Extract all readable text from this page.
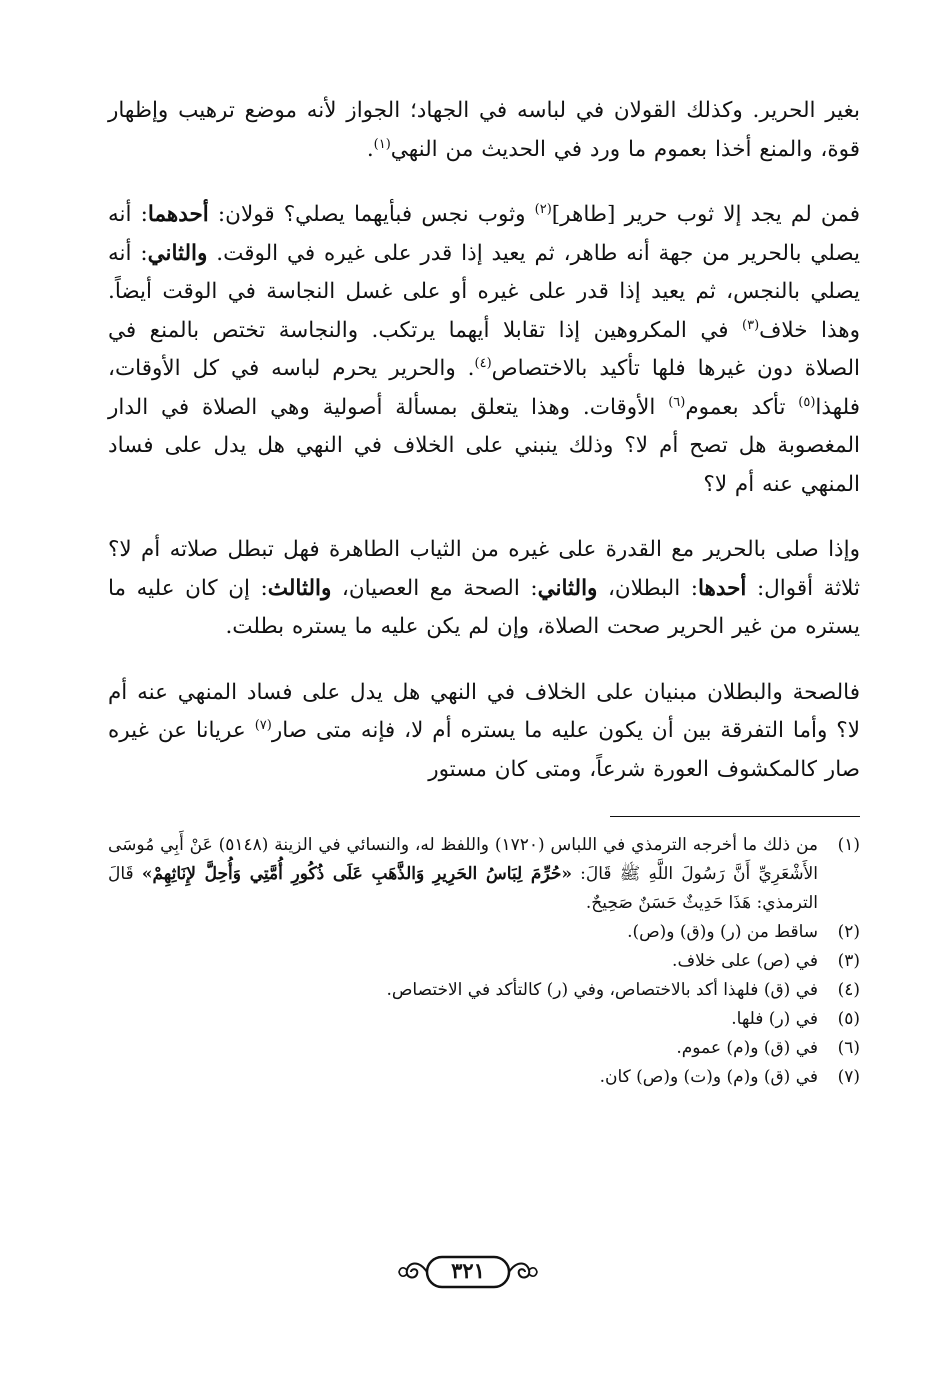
بغير الحرير. وكذلك القولان في لباسه في الجهاد؛ الجواز لأنه موضع ترهيب وإظهار قوة، والمنع أخذا بعموم ما ورد في الحديث من النهي$^{(١)}$.

فمن لم يجد إلا ثوب حرير [طاهر]$^{(٢)}$ وثوب نجس فبأيهما يصلي؟ قولان: أحدهما: أنه يصلي بالحرير من جهة أنه طاهر، ثم يعيد إذا قدر على غيره في الوقت. والثاني: أنه يصلي بالنجس، ثم يعيد إذا قدر على غيره أو على غسل النجاسة في الوقت أيضاً. وهذا خلاف$^{(٣)}$ في المكروهين إذا تقابلا أيهما يرتكب. والنجاسة تختص بالمنع في الصلاة دون غيرها فلها تأكيد بالاختصاص$^{(٤)}$. والحرير يحرم لباسه في كل الأوقات، فلهذا$^{(٥)}$ تأكد بعموم$^{(٦)}$ الأوقات. وهذا يتعلق بمسألة أصولية وهي الصلاة في الدار المغصوبة هل تصح أم لا؟ وذلك ينبني على الخلاف في النهي هل يدل على فساد المنهي عنه أم لا؟

وإذا صلى بالحرير مع القدرة على غيره من الثياب الطاهرة فهل تبطل صلاته أم لا؟ ثلاثة أقوال: أحدها: البطلان، والثاني: الصحة مع العصيان، والثالث: إن كان عليه ما يستره من غير الحرير صحت الصلاة، وإن لم يكن عليه ما يستره بطلت.

فالصحة والبطلان مبنيان على الخلاف في النهي هل يدل على فساد المنهي عنه أم لا؟ وأما التفرقة بين أن يكون عليه ما يستره أم لا، فإنه متى صار$^{(٧)}$ عريانا عن غيره صار كالمكشوف العورة شرعاً، ومتى كان مستور

(١)
من ذلك ما أخرجه الترمذي في اللباس (١٧٢٠) واللفظ له، والنسائي في الزينة (٥١٤٨) عَنْ أَبِي مُوسَى الأَشْعَرِيِّ أَنَّ رَسُولَ اللَّهِ ﷺ قَالَ: «حُرِّمَ لِبَاسُ الحَرِيرِ وَالذَّهَبِ عَلَى ذُكُورِ أُمَّتِي وَأُحِلَّ لإِنَاثِهِمْ» قَالَ الترمذي: هَذَا حَدِيثٌ حَسَنٌ صَحِيحٌ.
(٢)
ساقط من (ر) و(ق) و(ص).
(٣)
في (ص) على خلاف.
(٤)
في (ق) فلهذا أكد بالاختصاص، وفي (ر) كالتأكد في الاختصاص.
(٥)
في (ر) فلها.
(٦)
في (ق) و(م) عموم.
(٧)
في (ق) و(م) و(ت) و(ص) كان.
٣٢١
